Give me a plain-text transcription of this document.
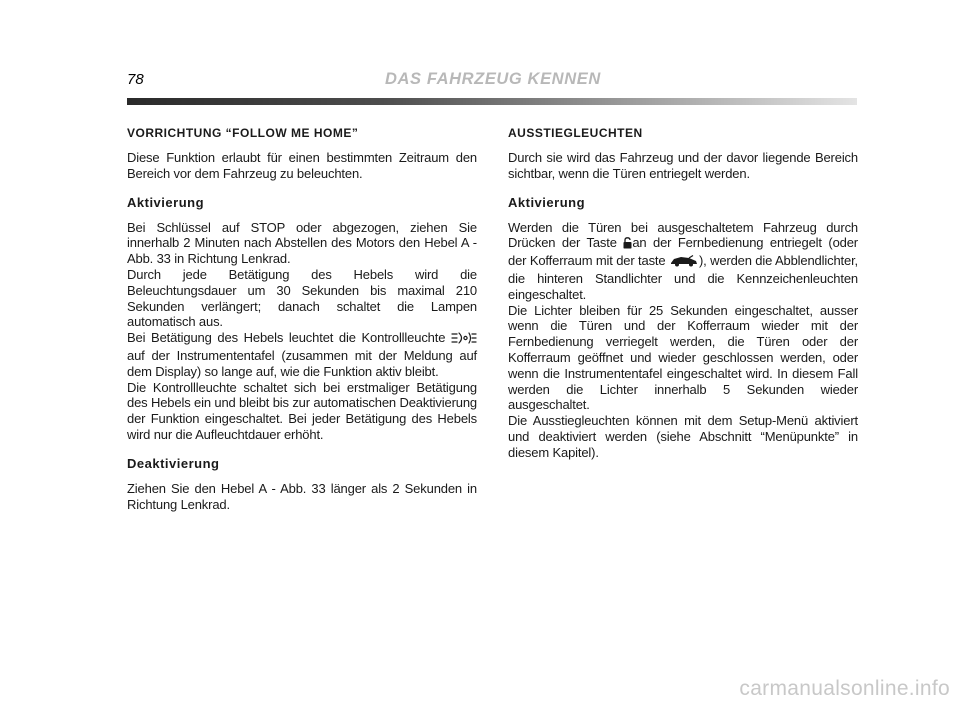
78	DAS FAHRZEUG KENNEN
VORRICHTUNG “FOLLOW ME HOME”

Diese Funktion erlaubt für einen bestimmten Zeitraum den Bereich vor dem Fahrzeug zu beleuchten.

Aktivierung

Bei Schlüssel auf STOP oder abgezogen, ziehen Sie innerhalb 2 Minuten nach Abstellen des Motors den Hebel A - Abb. 33 in Richtung Lenkrad.

Durch jede Betätigung des Hebels wird die Beleuchtungsdauer um 30 Sekunden bis maximal 210 Sekunden verlängert; danach schaltet die Lampen automatisch aus.

Bei Betätigung des Hebels leuchtet die Kontrollleuchte  auf der Instrumententafel (zusammen mit der Meldung auf dem Display) so lange auf, wie die Funktion aktiv bleibt.

Die Kontrollleuchte schaltet sich bei erstmaliger Betätigung des Hebels ein und bleibt bis zur automatischen Deaktivierung der Funktion eingeschaltet. Bei jeder Betätigung des Hebels wird nur die Aufleuchtdauer erhöht.

Deaktivierung

Ziehen Sie den Hebel A - Abb. 33 länger als 2 Sekunden in Richtung Lenkrad.

AUSSTIEGLEUCHTEN

Durch sie wird das Fahrzeug und der davor liegende Bereich sichtbar, wenn die Türen entriegelt werden.

Aktivierung

Werden die Türen bei ausgeschaltetem Fahrzeug durch Drücken der Taste an der Fernbedienung entriegelt (oder der Kofferraum mit der taste	), werden die Abblendlichter, die hinteren Standlichter und die Kennzeichenleuchten eingeschaltet.

Die Lichter bleiben für 25 Sekunden eingeschaltet, ausser wenn die Türen und der Kofferraum wieder mit der Fernbedienung verriegelt werden, die Türen oder der Kofferraum geöffnet und wieder geschlossen werden, oder wenn die Instrumententafel eingeschaltet wird. In diesem Fall werden die Lichter innerhalb 5 Sekunden wieder ausgeschaltet.

Die Ausstiegleuchten können mit dem Setup-Menü aktiviert und deaktiviert werden (siehe Abschnitt “Menüpunkte” in diesem Kapitel).

carmanualsonline.info
